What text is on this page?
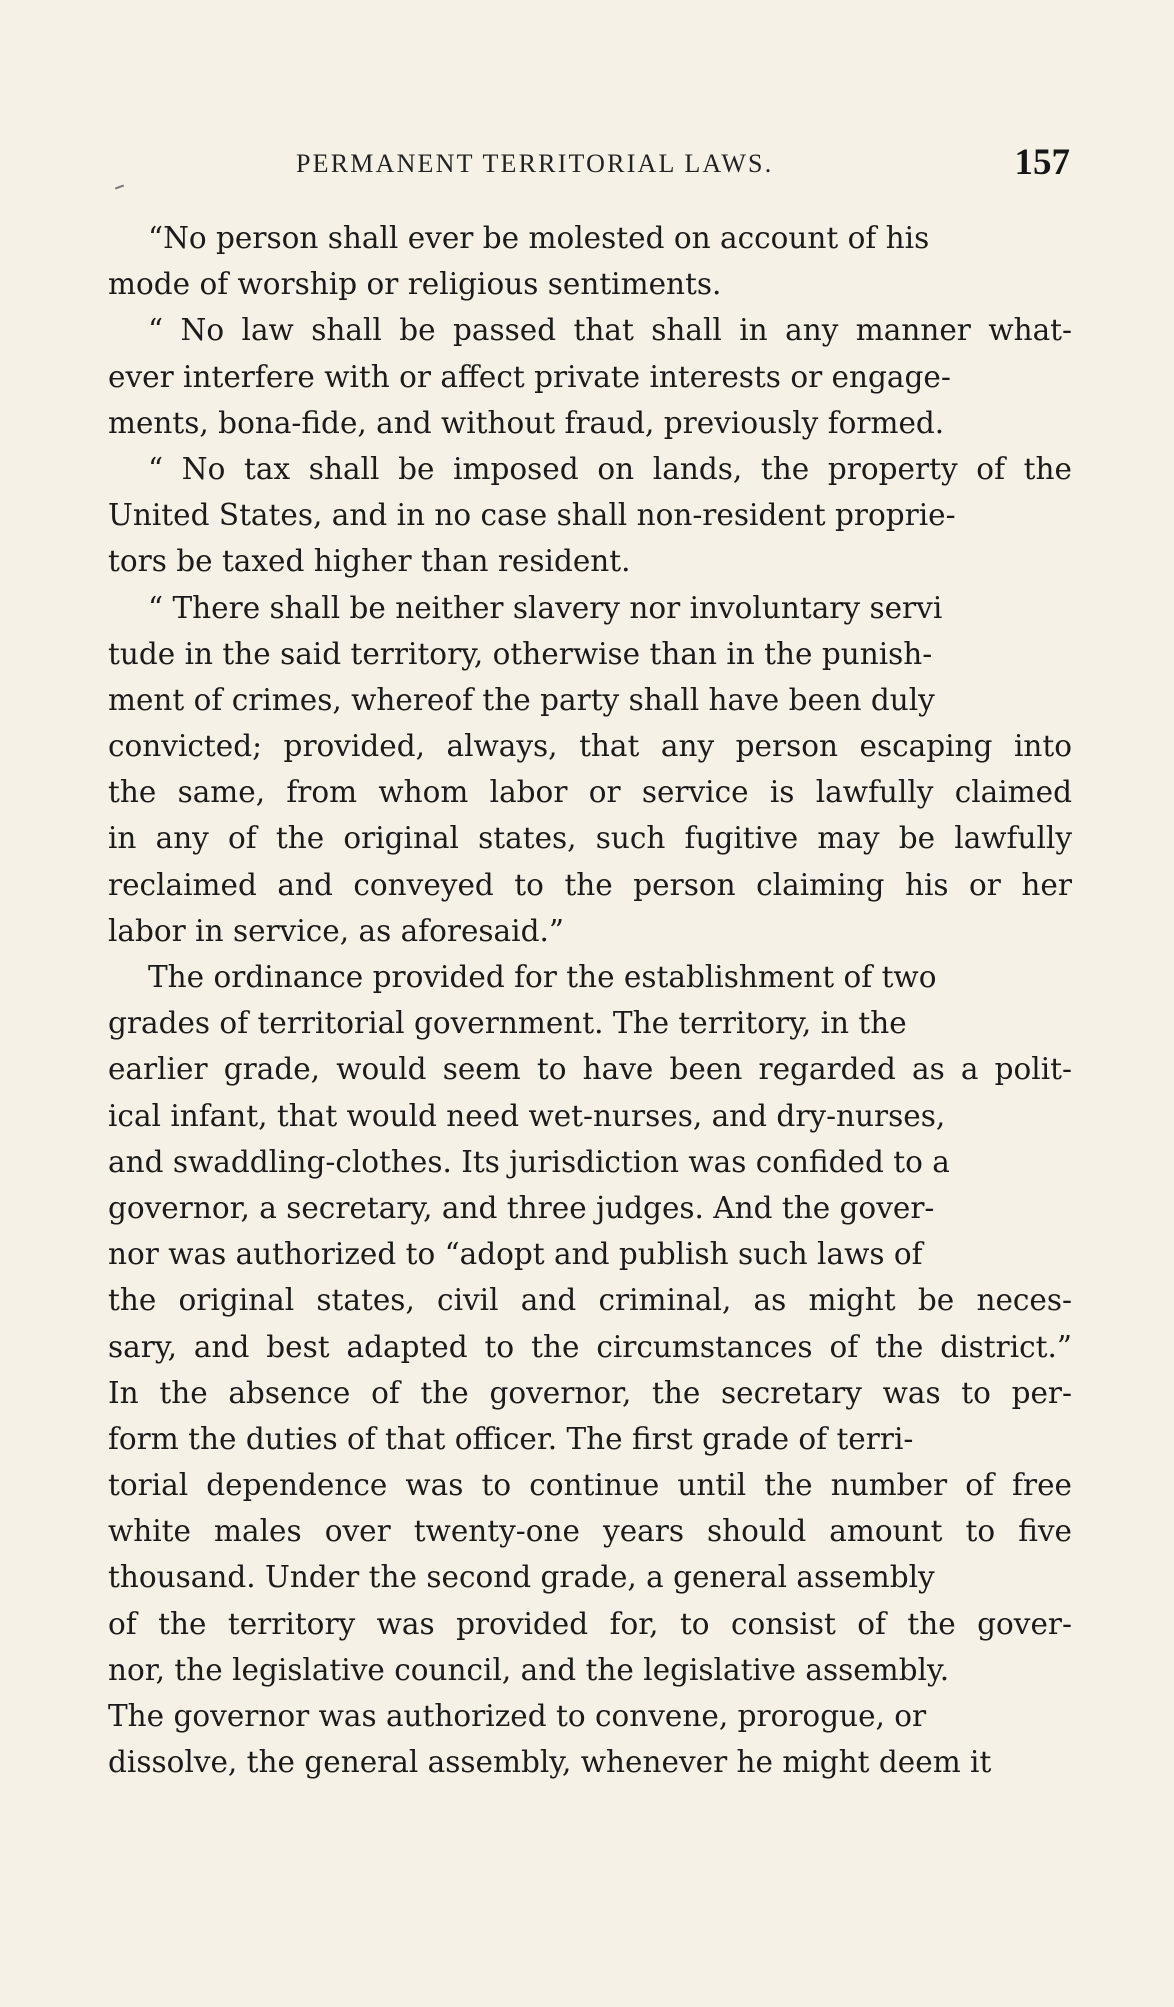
PERMANENT TERRITORIAL LAWS.	157
“No person shall ever be molested on account of his
mode of worship or religious sentiments.
“ No law shall be passed that shall in any manner what-
ever interfere with or affect private interests or engage-
ments, bona-fide, and without fraud, previously formed.
“ No tax shall be imposed on lands, the property of the
United States, and in no case shall non-resident proprie-
tors be taxed higher than resident.
“ There shall be neither slavery nor involuntary servi
tude in the said territory, otherwise than in the punish-
ment of crimes, whereof the party shall have been duly
convicted; provided, always, that any person escaping into
the same, from whom labor or service is lawfully claimed
in any of the original states, such fugitive may be lawfully
reclaimed and conveyed to the person claiming his or her
labor in service, as aforesaid.”
The ordinance provided for the establishment of two
grades of territorial government. The territory, in the
earlier grade, would seem to have been regarded as a polit-
ical infant, that would need wet-nurses, and dry-nurses,
and swaddling-clothes. Its jurisdiction was confided to a
governor, a secretary, and three judges. And the gover-
nor was authorized to “adopt and publish such laws of
the original states, civil and criminal, as might be neces-
sary, and best adapted to the circumstances of the district.”
In the absence of the governor, the secretary was to per-
form the duties of that officer. The first grade of terri-
torial dependence was to continue until the number of free
white males over twenty-one years should amount to five
thousand. Under the second grade, a general assembly
of the territory was provided for, to consist of the gover-
nor, the legislative council, and the legislative assembly.
The governor was authorized to convene, prorogue, or
dissolve, the general assembly, whenever he might deem it
